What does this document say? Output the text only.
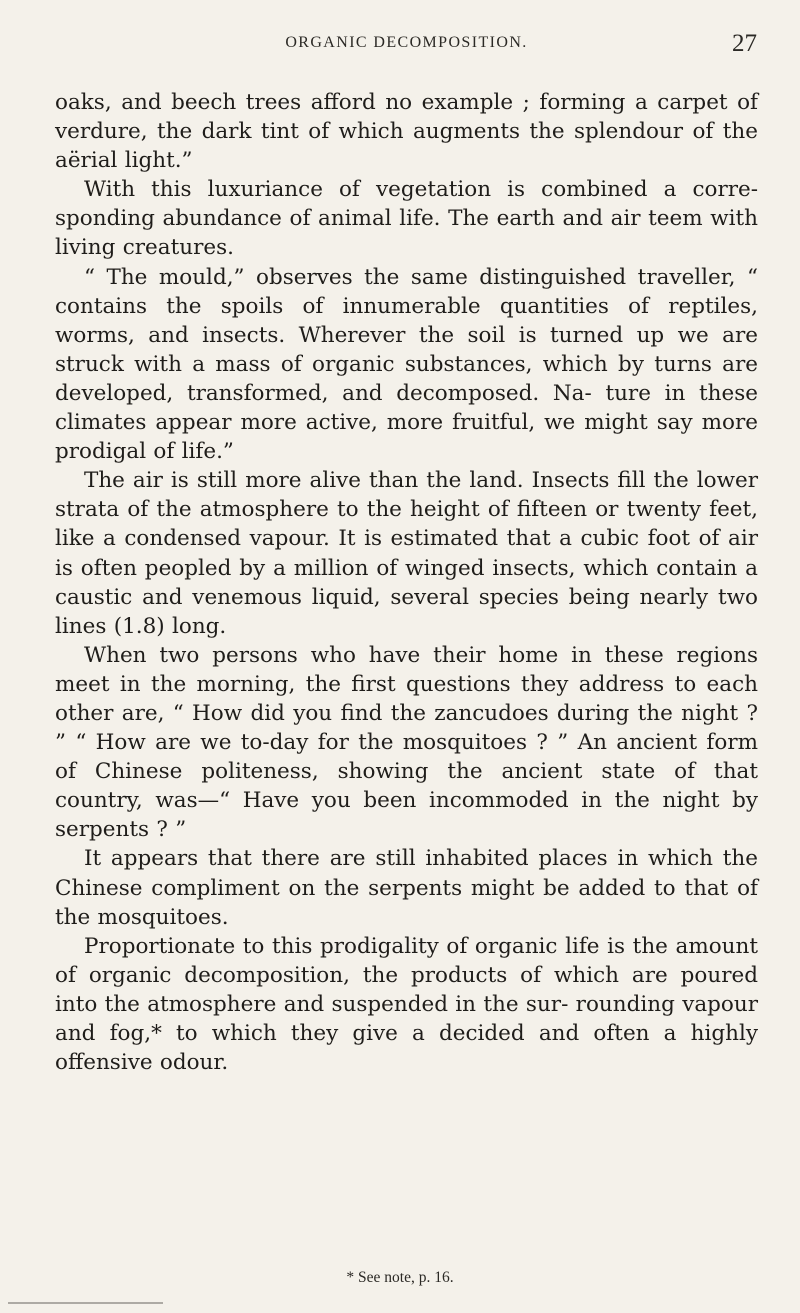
ORGANIC DECOMPOSITION.	27

oaks, and beech trees afford no example ; forming a carpet of verdure, the dark tint of which augments the splendour of the aërial light.”

With this luxuriance of vegetation is combined a corre- sponding abundance of animal life. The earth and air teem with living creatures.

“ The mould,” observes the same distinguished traveller, “ contains the spoils of innumerable quantities of reptiles, worms, and insects. Wherever the soil is turned up we are struck with a mass of organic substances, which by turns are developed, transformed, and decomposed. Na- ture in these climates appear more active, more fruitful, we might say more prodigal of life.”

The air is still more alive than the land. Insects fill the lower strata of the atmosphere to the height of fifteen or twenty feet, like a condensed vapour. It is estimated that a cubic foot of air is often peopled by a million of winged insects, which contain a caustic and venemous liquid, several species being nearly two lines (1.8) long.

When two persons who have their home in these regions meet in the morning, the first questions they address to each other are, “ How did you find the zancudoes during the night ? ” “ How are we to-day for the mosquitoes ? ” An ancient form of Chinese politeness, showing the ancient state of that country, was—“ Have you been incommoded in the night by serpents ? ”

It appears that there are still inhabited places in which the Chinese compliment on the serpents might be added to that of the mosquitoes.

Proportionate to this prodigality of organic life is the amount of organic decomposition, the products of which are poured into the atmosphere and suspended in the sur- rounding vapour and fog,* to which they give a decided and often a highly offensive odour.

* See note, p. 16.
